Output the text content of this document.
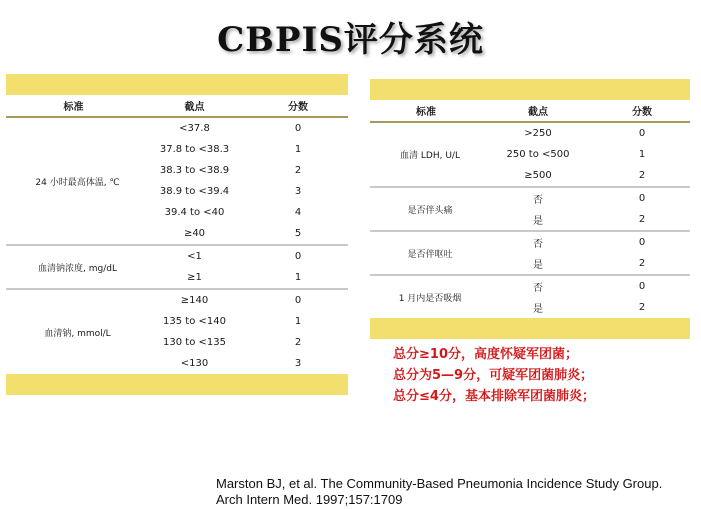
CBPIS评分系统

标准	截点	分数
24 小时最高体温, ℃	<37.8	0
	37.8 to <38.3	1
	38.3 to <38.9	2
	38.9 to <39.4	3
	39.4 to <40	4
	≥40	5
血清钠浓度, mg/dL	<1	0
	≥1	1
血清钠, mmol/L	≥140	0
	135 to <140	1
	130 to <135	2
	<130	3

标准	截点	分数
血清 LDH, U/L	>250	0
	250 to <500	1
	≥500	2
是否伴头痛	否	0
	是	2
是否伴呕吐	否	0
	是	2
1 月内是否吸烟	否	0
	是	2

总分≥10分，高度怀疑军团菌；
总分为5—9分，可疑军团菌肺炎；
总分≤4分，基本排除军团菌肺炎；

Marston BJ, et al. The Community-Based Pneumonia Incidence Study Group.
Arch Intern Med. 1997;157:1709
